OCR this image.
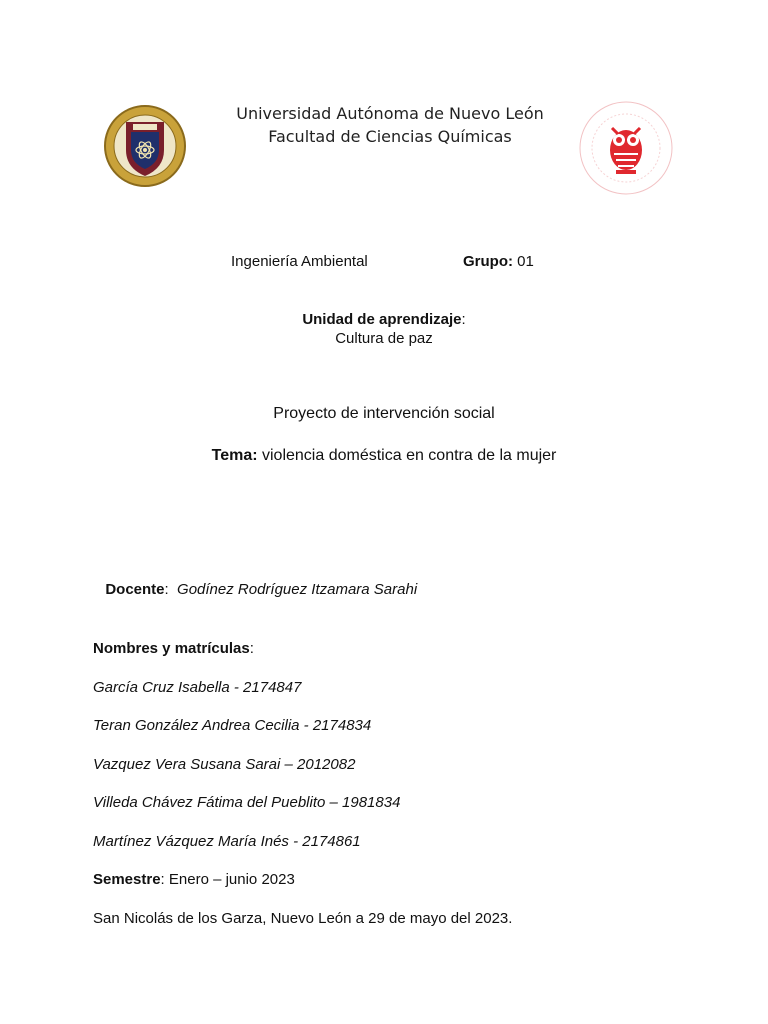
Universidad Autónoma de Nuevo León
Facultad de Ciencias Químicas
Ingeniería Ambiental	Grupo: 01
Unidad de aprendizaje:
Cultura de paz
Proyecto de intervención social
Tema: violencia doméstica en contra de la mujer

Docente:  Godínez Rodríguez Itzamara Sarahi

Nombres y matrículas:
García Cruz Isabella - 2174847
Teran González Andrea Cecilia - 2174834
Vazquez Vera Susana Sarai – 2012082
Villeda Chávez Fátima del Pueblito – 1981834
Martínez Vázquez María Inés - 2174861
Semestre: Enero – junio 2023
San Nicolás de los Garza, Nuevo León a 29 de mayo del 2023.
